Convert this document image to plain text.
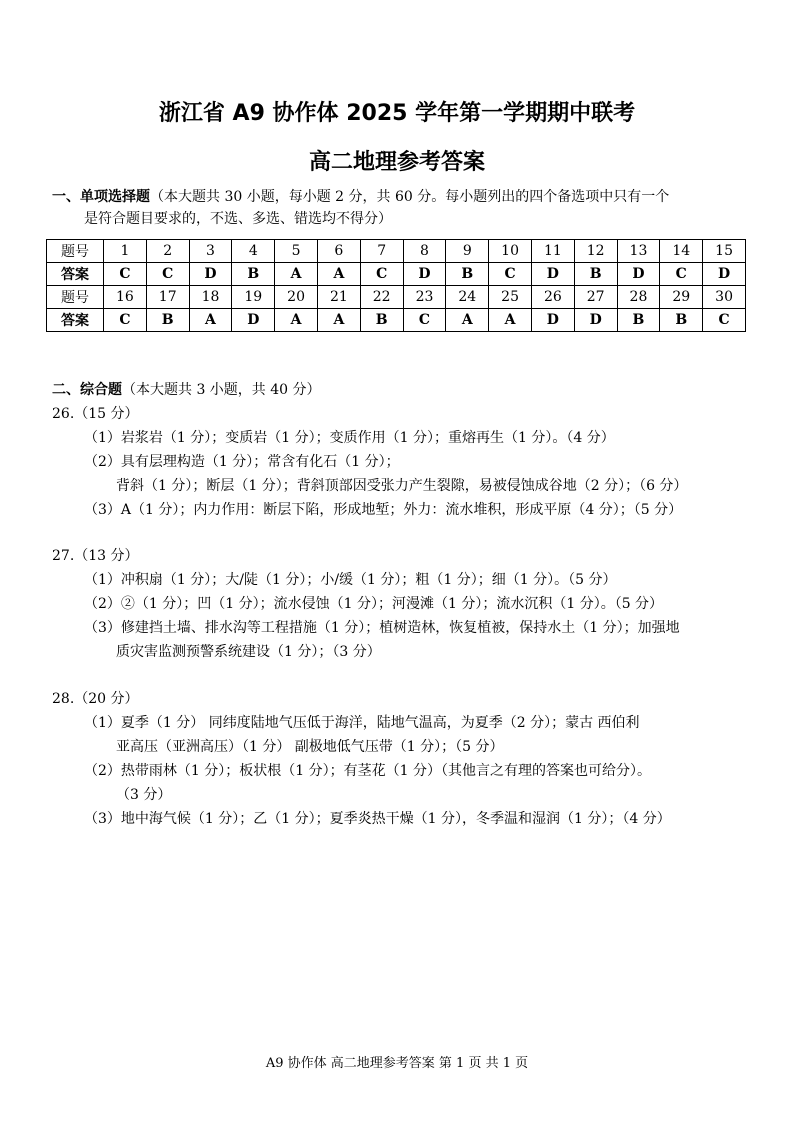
浙江省 A9 协作体 2025 学年第一学期期中联考
高二地理参考答案
一、单项选择题（本大题共 30 小题，每小题 2 分，共 60 分。每小题列出的四个备选项中只有一个
是符合题目要求的，不选、多选、错选均不得分）
题号	1	2	3	4	5	6	7	8	9	10	11	12	13	14	15
答案	C	C	D	B	A	A	C	D	B	C	D	B	D	C	D
题号	16	17	18	19	20	21	22	23	24	25	26	27	28	29	30
答案	C	B	A	D	A	A	B	C	A	A	D	D	B	B	C
二、综合题（本大题共 3 小题，共 40 分）
26.（15 分）
（1）岩浆岩（1 分）；变质岩（1 分）；变质作用（1 分）；重熔再生（1 分）。（4 分）
（2）具有层理构造（1 分）；常含有化石（1 分）；
背斜（1 分）；断层（1 分）；背斜顶部因受张力产生裂隙，易被侵蚀成谷地（2 分）；（6 分）
（3）A（1 分）；内力作用：断层下陷，形成地堑；外力：流水堆积，形成平原（4 分）；（5 分）
27.（13 分）
（1）冲积扇（1 分）；大/陡（1 分）；小/缓（1 分）；粗（1 分）；细（1 分）。（5 分）
（2）②（1 分）；凹（1 分）；流水侵蚀（1 分）；河漫滩（1 分）；流水沉积（1 分）。（5 分）
（3）修建挡土墙、排水沟等工程措施（1 分）；植树造林，恢复植被，保持水土（1 分）；加强地
质灾害监测预警系统建设（1 分）；（3 分）
28.（20 分）
（1）夏季（1 分） 同纬度陆地气压低于海洋，陆地气温高，为夏季（2 分）；蒙古 西伯利
亚高压（亚洲高压）（1 分） 副极地低气压带（1 分）；（5 分）
（2）热带雨林（1 分）；板状根（1 分）；有茎花（1 分）（其他言之有理的答案也可给分）。
（3 分）
（3）地中海气候（1 分）；乙（1 分）；夏季炎热干燥（1 分），冬季温和湿润（1 分）；（4 分）
A9 协作体 高二地理参考答案 第 1 页 共 1 页
